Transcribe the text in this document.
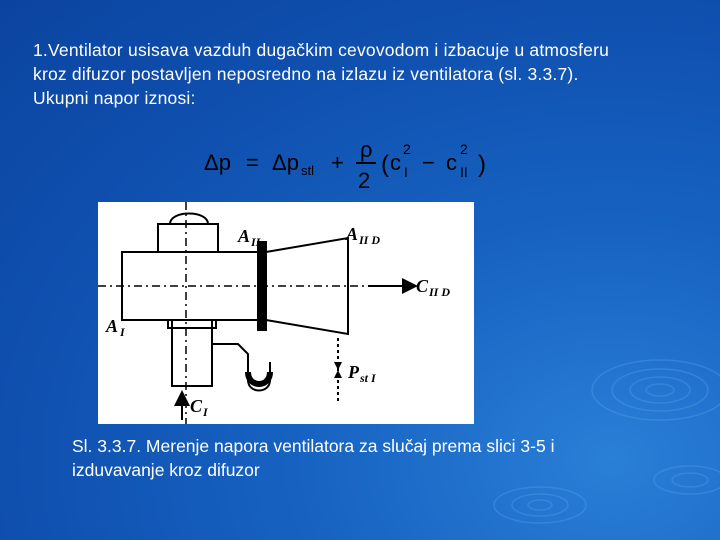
1.Ventilator usisava vazduh dugačkim cevovodom i izbacuje u atmosferu
kroz difuzor postavljen neposredno na izlazu iz ventilatora (sl. 3.3.7).
Ukupni napor iznosi:
Δp = Δp stl +
ρ
2
( c
2
I − c
2
II )
A II	A II D
C II D
A I
P st I
C I
Sl. 3.3.7. Merenje napora ventilatora za slučaj prema slici 3-5 i
izduvavanje kroz difuzor
